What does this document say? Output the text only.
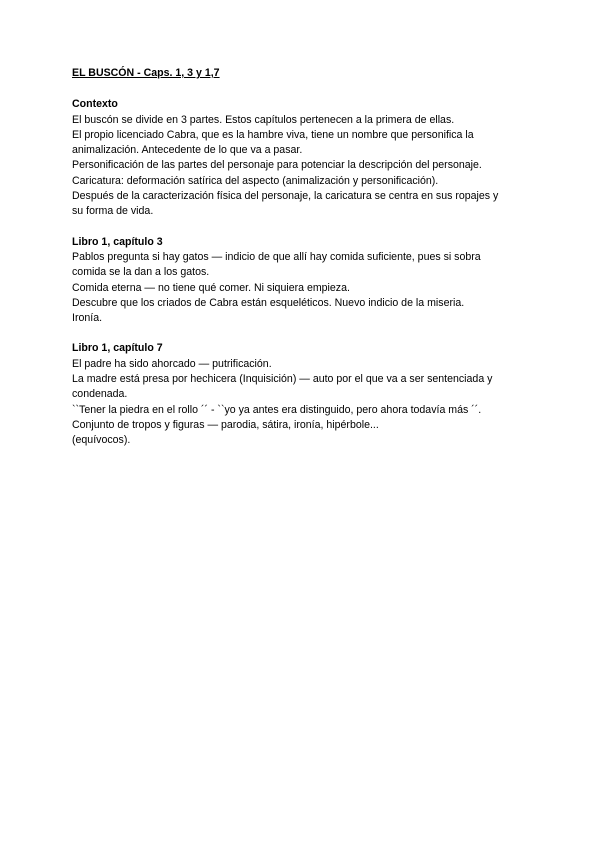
EL BUSCÓN - Caps. 1, 3 y 1,7

Contexto

El buscón se divide en 3 partes. Estos capítulos pertenecen a la primera de ellas.

El propio licenciado Cabra, que es la hambre viva, tiene un nombre que personifica la

animalización. Antecedente de lo que va a pasar.

Personificación de las partes del personaje para potenciar la descripción del personaje.

Caricatura: deformación satírica del aspecto (animalización y personificación).

Después de la caracterización física del personaje, la caricatura se centra en sus ropajes y

su forma de vida.

Libro 1, capítulo 3

Pablos pregunta si hay gatos — indicio de que allí hay comida suficiente, pues si sobra

comida se la dan a los gatos.

Comida eterna — no tiene qué comer. Ni siquiera empieza.

Descubre que los criados de Cabra están esqueléticos. Nuevo indicio de la miseria.

Ironía.

Libro 1, capítulo 7

El padre ha sido ahorcado — putrificación.

La madre está presa por hechicera (Inquisición) — auto por el que va a ser sentenciada y

condenada.

``Tener la piedra en el rollo ´´ - ``yo ya antes era distinguido, pero ahora todavía más ´´.

Conjunto de tropos y figuras — parodia, sátira, ironía, hipérbole...

(equívocos).
